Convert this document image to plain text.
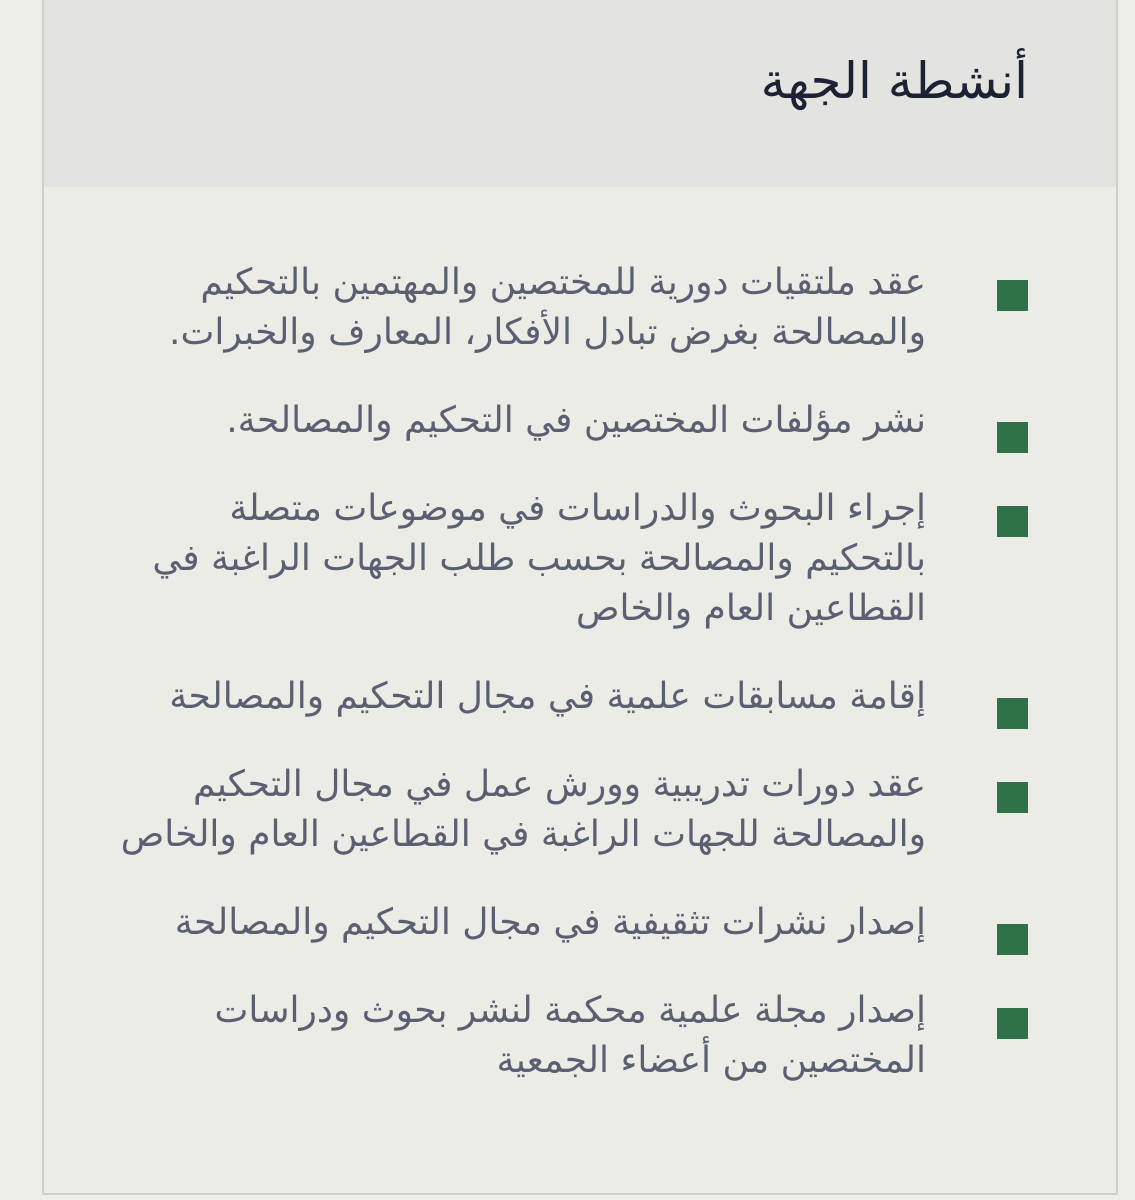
أنشطة الجهة
عقد ملتقيات دورية للمختصين والمهتمين بالتحكيم والمصالحة بغرض تبادل الأفكار، المعارف والخبرات.
نشر مؤلفات المختصين في التحكيم والمصالحة.
إجراء البحوث والدراسات في موضوعات متصلة بالتحكيم والمصالحة بحسب طلب الجهات الراغبة في القطاعين العام والخاص
إقامة مسابقات علمية في مجال التحكيم والمصالحة
عقد دورات تدريبية وورش عمل في مجال التحكيم والمصالحة للجهات الراغبة في القطاعين العام والخاص
إصدار نشرات تثقيفية في مجال التحكيم والمصالحة
إصدار مجلة علمية محكمة لنشر بحوث ودراسات المختصين من أعضاء الجمعية
